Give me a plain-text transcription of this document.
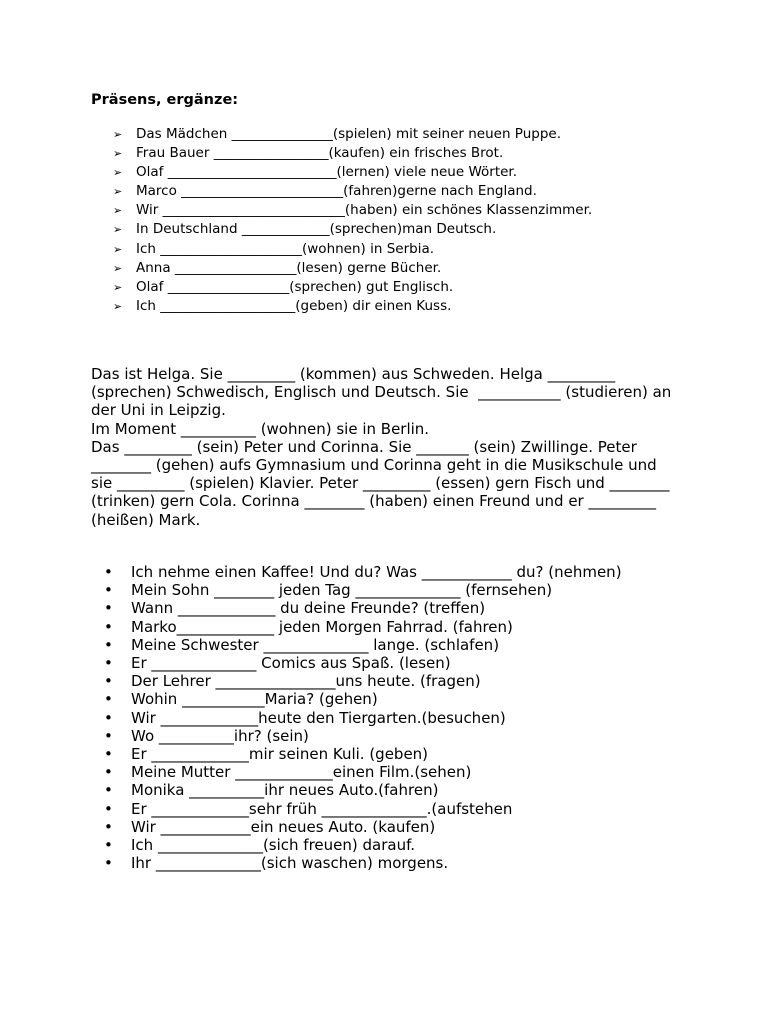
Präsens, ergänze:
➢ Das Mädchen _______________(spielen) mit seiner neuen Puppe.
➢ Frau Bauer _________________(kaufen) ein frisches Brot.
➢ Olaf _________________________(lernen) viele neue Wörter.
➢ Marco ________________________(fahren)gerne nach England.
➢ Wir ___________________________(haben) ein schönes Klassenzimmer.
➢ In Deutschland _____________(sprechen)man Deutsch.
➢ Ich _____________________(wohnen) in Serbia.
➢ Anna __________________(lesen) gerne Bücher.
➢ Olaf __________________(sprechen) gut Englisch.
➢ Ich ____________________(geben) dir einen Kuss.
Das ist Helga. Sie _________ (kommen) aus Schweden. Helga _________
(sprechen) Schwedisch, Englisch und Deutsch. Sie  ___________ (studieren) an
der Uni in Leipzig.
Im Moment __________ (wohnen) sie in Berlin.
Das _________ (sein) Peter und Corinna. Sie _______ (sein) Zwillinge. Peter
________ (gehen) aufs Gymnasium und Corinna geht in die Musikschule und
sie _________ (spielen) Klavier. Peter _________ (essen) gern Fisch und ________
(trinken) gern Cola. Corinna ________ (haben) einen Freund und er _________
(heißen) Mark.
• Ich nehme einen Kaffee! Und du? Was ____________ du? (nehmen)
• Mein Sohn ________ jeden Tag ______________ (fernsehen)
• Wann _____________ du deine Freunde? (treffen)
• Marko_____________ jeden Morgen Fahrrad. (fahren)
• Meine Schwester ______________ lange. (schlafen)
• Er ______________ Comics aus Spaß. (lesen)
• Der Lehrer ________________uns heute. (fragen)
• Wohin ___________Maria? (gehen)
• Wir _____________heute den Tiergarten.(besuchen)
• Wo __________ihr? (sein)
• Er _____________mir seinen Kuli. (geben)
• Meine Mutter _____________einen Film.(sehen)
• Monika __________ihr neues Auto.(fahren)
• Er _____________sehr früh ______________.(aufstehen
• Wir ____________ein neues Auto. (kaufen)
• Ich ______________(sich freuen) darauf.
• Ihr ______________(sich waschen) morgens.
